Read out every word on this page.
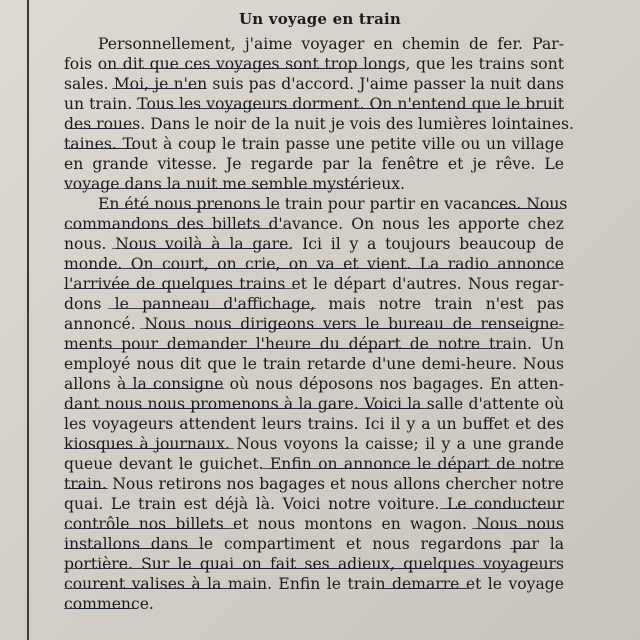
Un voyage en train
Personnellement, j'aime voyager en chemin de fer. Par-
fois on dit que ces voyages sont trop longs, que les trains sont
sales. Moi, je n'en suis pas d'accord. J'aime passer la nuit dans
un train. Tous les voyageurs dorment. On n'entend que le bruit
des roues. Dans le noir de la nuit je vois des lumières lointaines.
taines. Tout à coup le train passe une petite ville ou un village
en grande vitesse. Je regarde par la fenêtre et je rêve. Le
voyage dans la nuit me semble mystérieux.
En été nous prenons le train pour partir en vacances. Nous
commandons des billets d'avance. On nous les apporte chez
nous. Nous voilà à la gare. Ici il y a toujours beaucoup de
monde. On court, on crie, on va et vient. La radio annonce
l'arrivée de quelques trains et le départ d'autres. Nous regar-
dons le panneau d'affichage, mais notre train n'est pas
annoncé. Nous nous dirigeons vers le bureau de renseigne-
ments pour demander l'heure du départ de notre train. Un
employé nous dit que le train retarde d'une demi-heure. Nous
allons à la consigne où nous déposons nos bagages. En atten-
dant nous nous promenons à la gare. Voici la salle d'attente où
les voyageurs attendent leurs trains. Ici il y a un buffet et des
kiosques à journaux. Nous voyons la caisse; il y a une grande
queue devant le guichet. Enfin on annonce le départ de notre
train. Nous retirons nos bagages et nous allons chercher notre
quai. Le train est déjà là. Voici notre voiture. Le conducteur
contrôle nos billets et nous montons en wagon. Nous nous
installons dans le compartiment et nous regardons par la
portière. Sur le quai on fait ses adieux, quelques voyageurs
courent valises à la main. Enfin le train demarre et le voyage
commence.
